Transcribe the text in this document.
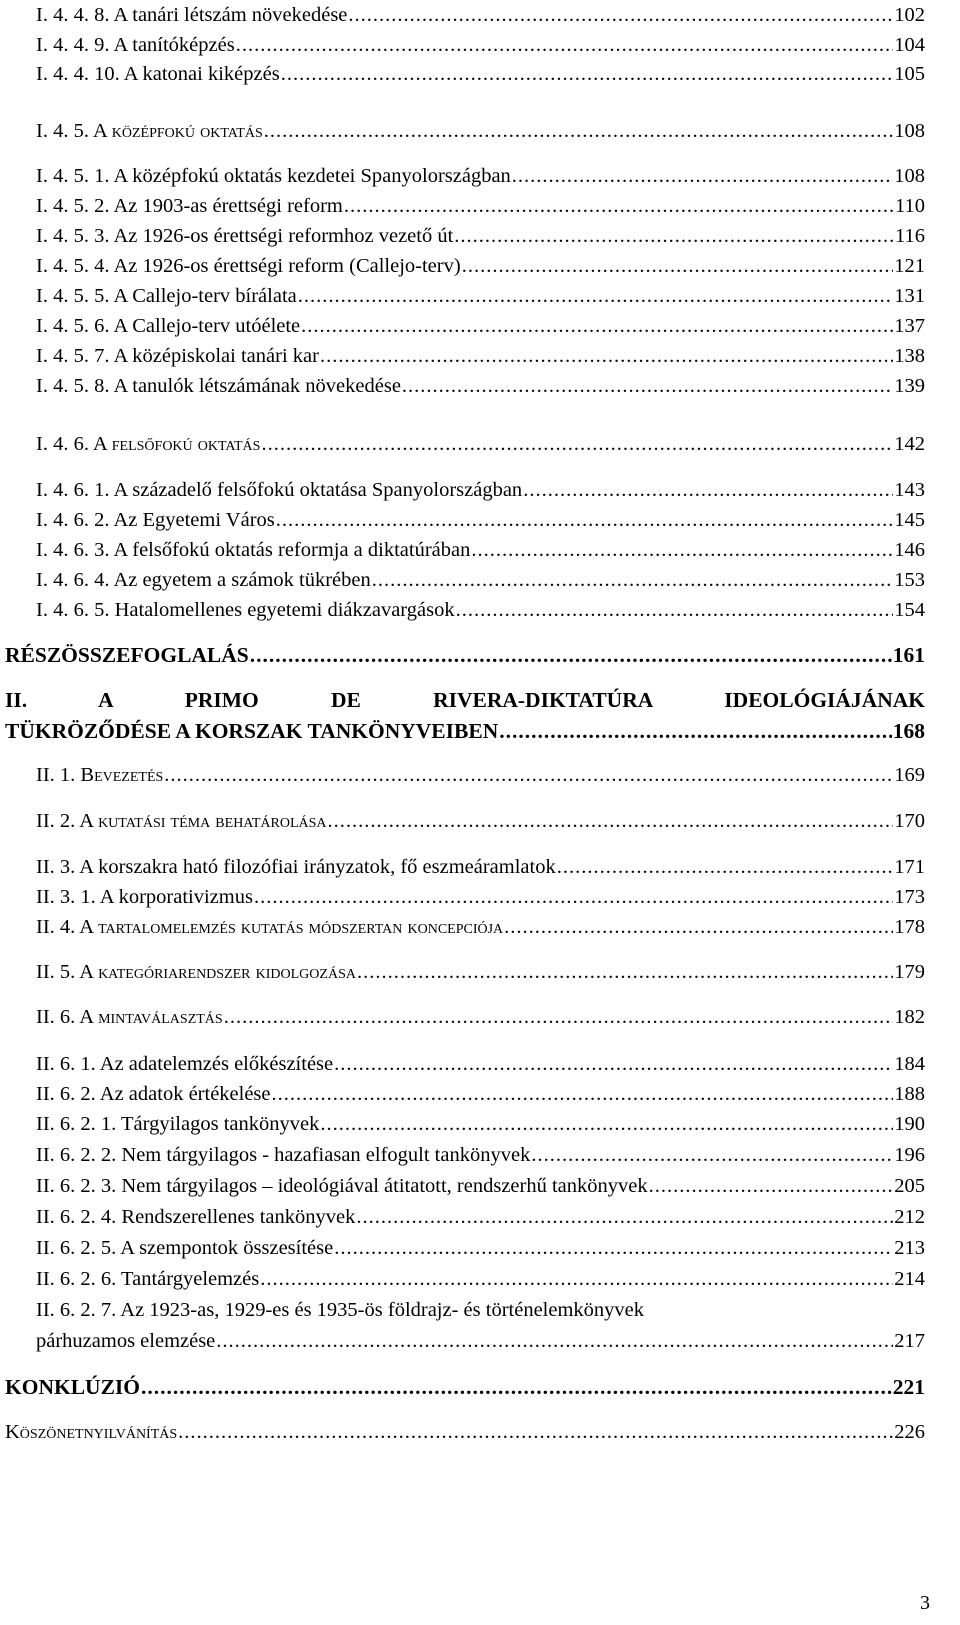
I. 4. 4. 8. A tanári létszám növekedése .....	102
I. 4. 4. 9. A tanítóképzés .....	104
I. 4. 4. 10. A katonai kiképzés .....	105
I. 4. 5. A középfokú oktatás .....	108
I. 4. 5. 1. A középfokú oktatás kezdetei Spanyolországban .....	108
I. 4. 5. 2. Az 1903-as érettségi reform .....	110
I. 4. 5. 3. Az 1926-os érettségi reformhoz vezető út .....	116
I. 4. 5. 4. Az 1926-os érettségi reform (Callejo-terv) .....	121
I. 4. 5. 5. A Callejo-terv bírálata .....	131
I. 4. 5. 6. A Callejo-terv utóélete .....	137
I. 4. 5. 7. A középiskolai tanári kar .....	138
I. 4. 5. 8. A tanulók létszámának növekedése .....	139
I. 4. 6. A felsőfokú oktatás .....	142
I. 4. 6. 1. A századelő felsőfokú oktatása Spanyolországban .....	143
I. 4. 6. 2. Az Egyetemi Város .....	145
I. 4. 6. 3. A felsőfokú oktatás reformja a diktatúrában .....	146
I. 4. 6. 4. Az egyetem a számok tükrében .....	153
I. 4. 6. 5. Hatalomellenes egyetemi diákzavargások .....	154
RÉSZÖSSZEFOGLALÁS .....	161
II. A PRIMO DE RIVERA-DIKTATÚRA IDEOLÓGIÁJÁNAK
TÜKRÖZŐDÉSE A KORSZAK TANKÖNYVEIBEN .....	168
II. 1. Bevezetés .....	169
II. 2. A kutatási téma behatárolása .....	170
II. 3. A korszakra ható filozófiai irányzatok, fő eszmeáramlatok .....	171
II. 3. 1. A korporativizmus .....	173
II. 4. A tartalomelemzés kutatás módszertan koncepciója .....	178
II. 5. A kategóriarendszer kidolgozása .....	179
II. 6. A mintaválasztás .....	182
II. 6. 1. Az adatelemzés előkészítése .....	184
II. 6. 2. Az adatok értékelése .....	188
II. 6. 2. 1. Tárgyilagos tankönyvek .....	190
II. 6. 2. 2. Nem tárgyilagos - hazafiasan elfogult tankönyvek .....	196
II. 6. 2. 3. Nem tárgyilagos – ideológiával átitatott, rendszerhű tankönyvek .....	205
II. 6. 2. 4. Rendszerellenes tankönyvek .....	212
II. 6. 2. 5. A szempontok összesítése .....	213
II. 6. 2. 6. Tantárgyelemzés .....	214
II. 6. 2. 7. Az 1923-as, 1929-es és 1935-ös földrajz- és történelemkönyvek
párhuzamos elemzése .....	217
KONKLÚZIÓ .....	221
Köszönetnyilvánítás .....	226
3
